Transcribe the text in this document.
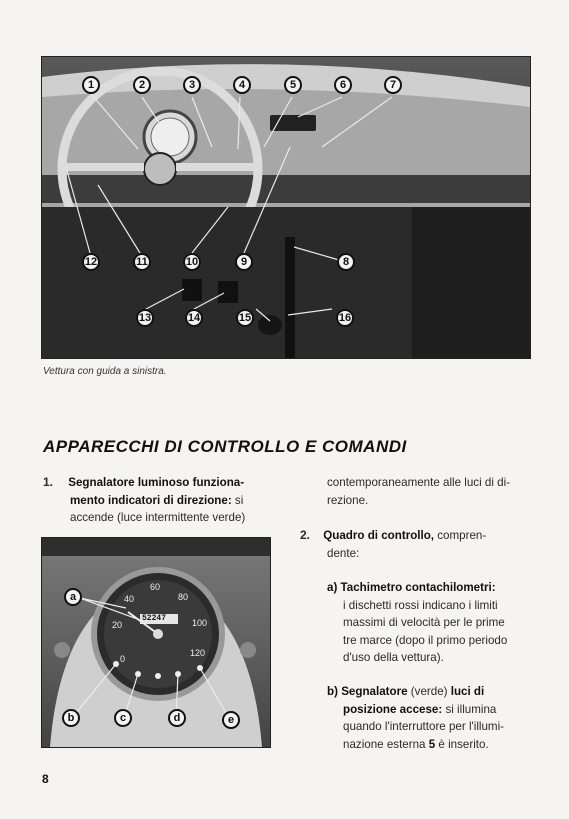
1	2	3	4	5	6	7
8
9
10
11
12
13	14	15	16
Vettura con guida a sinistra.
APPARECCHI DI CONTROLLO E COMANDI
1. Segnalatore luminoso funziona-
mento indicatori di direzione: si
accende (luce intermittente verde)
contemporaneamente alle luci di di-
rezione.
2. Quadro di controllo, compren-
dente:
a) Tachimetro contachilometri:
i dischetti rossi indicano i limiti
massimi di velocità per le prime
tre marce (dopo il primo periodo
d'uso della vettura).
b) Segnalatore (verde) luci di
posizione accese: si illumina
quando l'interruttore per l'illumi-
nazione esterna 5 è inserito.
0
20
40
60
80
100
120
52247
a
b	c	d	e
8
